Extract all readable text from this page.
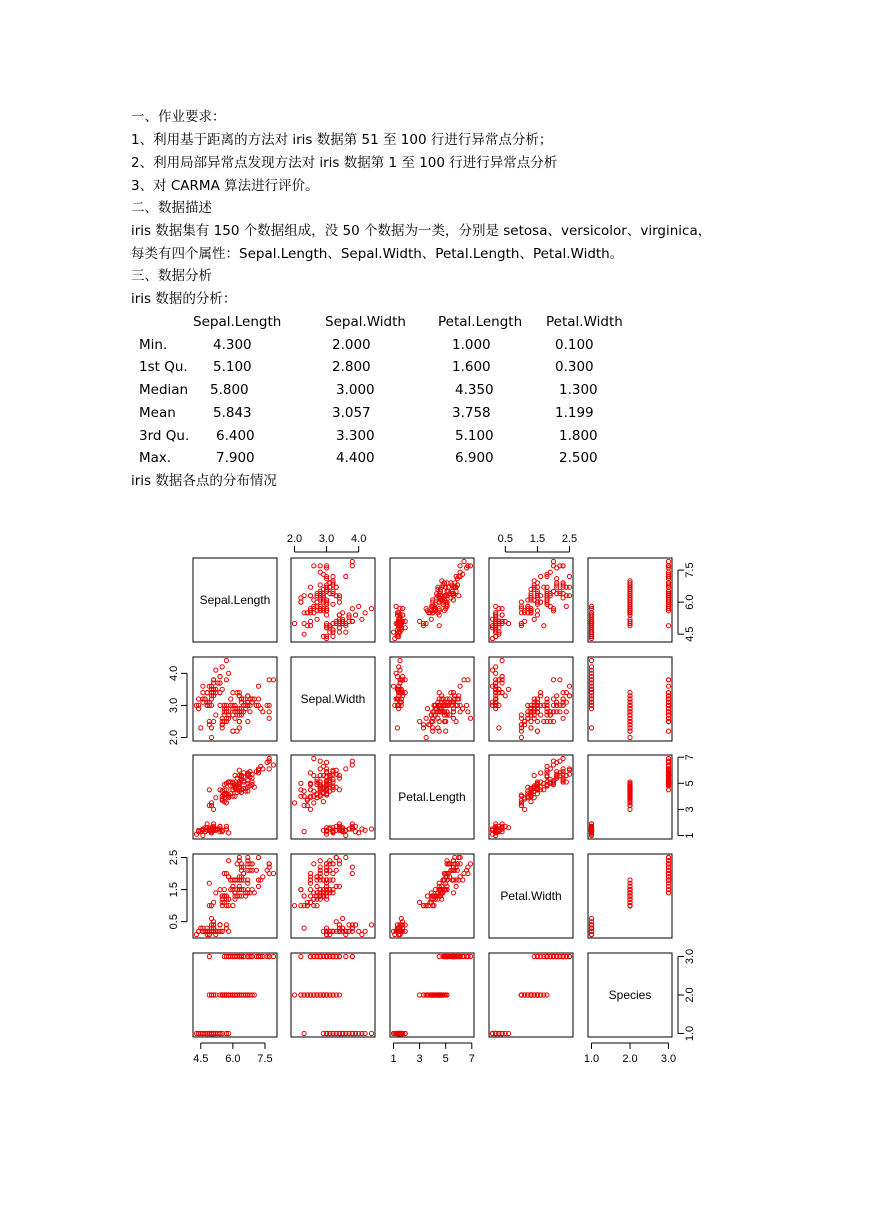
一、作业要求：
1、利用基于距离的方法对 iris 数据第 51 至 100 行进行异常点分析；
2、利用局部异常点发现方法对 iris 数据第 1 至 100 行进行异常点分析
3、对 CARMA 算法进行评价。
二、数据描述
iris 数据集有 150 个数据组成，没 50 个数据为一类，分别是 setosa、versicolor、virginica，
每类有四个属性：Sepal.Length、Sepal.Width、Petal.Length、Petal.Width。
三、数据分析
iris 数据的分析：
Sepal.Length	Sepal.Width Petal.Length Petal.Width
Min.	4.300	2.000	1.000	0.100
1st Qu. 5.100	2.800	1.600	0.300
Median 5.800	3.000	4.350	1.300
Mean	5.843	3.057	3.758	1.199
3rd Qu. 6.400	3.300	5.100	1.800
Max.	7.900	4.400	6.900	2.500
iris 数据各点的分布情况
Sepal.Length
Sepal.Width
Petal.Length
Petal.Width
Species
2.0 3.0 4.0	0.5 1.5 2.5
4.5 6.0 7.5	1 3 5 7	1.0 2.0 3.0
2.0
3.0
4.0
0.5
1.5
2.5
4.5
6.0
7.5
1
3
5
7
1.0
2.0
3.0
